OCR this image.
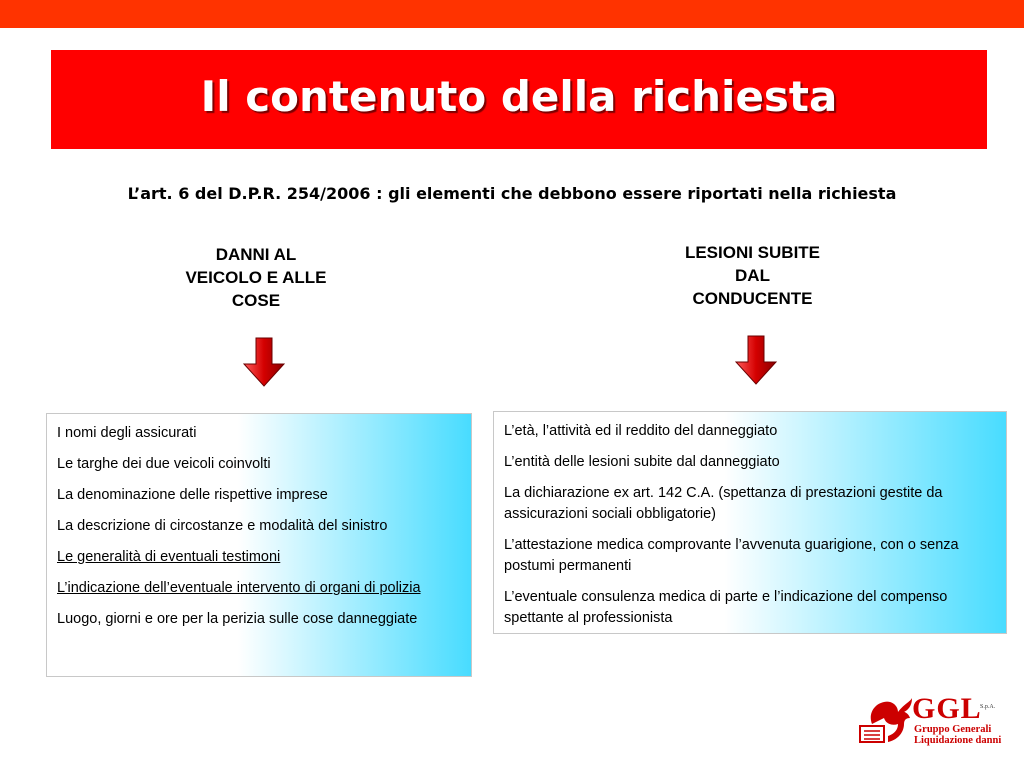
Il contenuto della richiesta
L’art. 6 del D.P.R. 254/2006 : gli elementi che debbono essere riportati nella richiesta
DANNI AL
VEICOLO E ALLE
COSE
LESIONI SUBITE
DAL
CONDUCENTE
I nomi degli assicurati
Le targhe dei due veicoli coinvolti
La denominazione delle rispettive imprese
La descrizione di circostanze e modalità del sinistro
Le generalità di eventuali testimoni
L’indicazione dell’eventuale intervento di organi di polizia
Luogo, giorni e ore per la perizia sulle cose danneggiate
L’età, l’attività ed il reddito del danneggiato
L’entità delle lesioni subite dal danneggiato
La dichiarazione ex art. 142 C.A. (spettanza di prestazioni gestite da assicurazioni sociali obbligatorie)
L’attestazione medica comprovante l’avvenuta guarigione, con o senza postumi permanenti
L’eventuale consulenza medica di parte e l’indicazione del compenso spettante al professionista
GGL
S.p.A.
Gruppo Generali
Liquidazione danni
